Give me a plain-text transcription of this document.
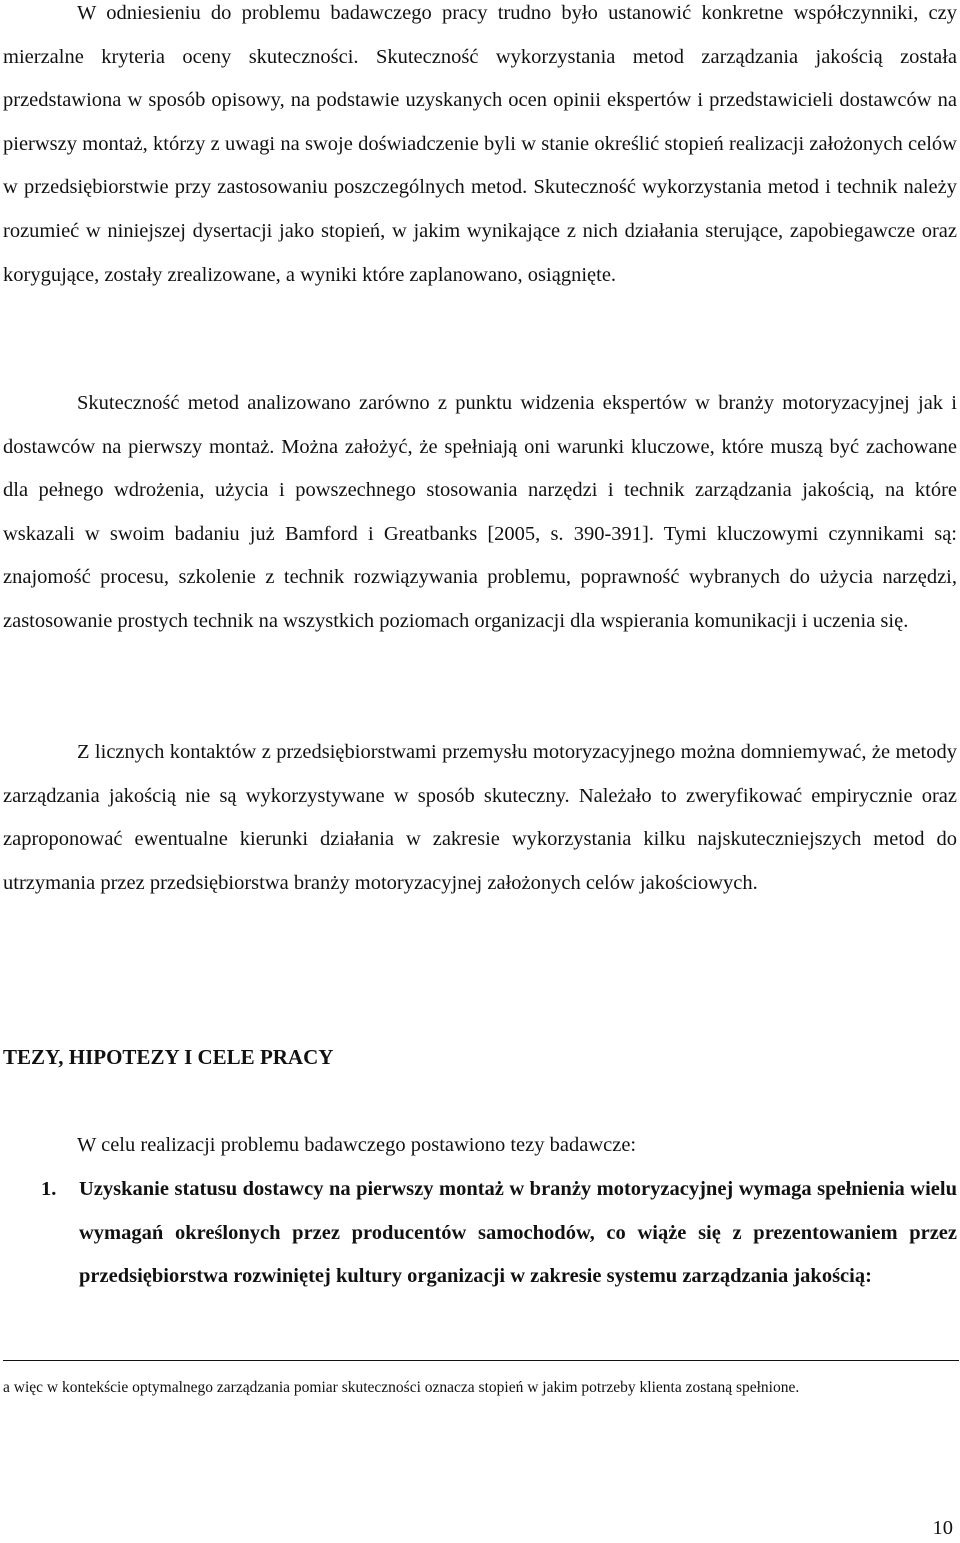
W odniesieniu do problemu badawczego pracy trudno było ustanowić konkretne współczynniki, czy mierzalne kryteria oceny skuteczności. Skuteczność wykorzystania metod zarządzania jakością została przedstawiona w sposób opisowy, na podstawie uzyskanych ocen opinii ekspertów i przedstawicieli dostawców na pierwszy montaż, którzy z uwagi na swoje doświadczenie byli w stanie określić stopień realizacji założonych celów w przedsiębiorstwie przy zastosowaniu poszczególnych metod. Skuteczność wykorzystania metod i technik należy rozumieć w niniejszej dysertacji jako stopień, w jakim wynikające z nich działania sterujące, zapobiegawcze oraz korygujące, zostały zrealizowane, a wyniki które zaplanowano, osiągnięte.

Skuteczność metod analizowano zarówno z punktu widzenia ekspertów w branży motoryzacyjnej jak i dostawców na pierwszy montaż. Można założyć, że spełniają oni warunki kluczowe, które muszą być zachowane dla pełnego wdrożenia, użycia i powszechnego stosowania narzędzi i technik zarządzania jakością, na które wskazali w swoim badaniu już Bamford i Greatbanks [2005, s. 390-391]. Tymi kluczowymi czynnikami są: znajomość procesu, szkolenie z technik rozwiązywania problemu, poprawność wybranych do użycia narzędzi, zastosowanie prostych technik na wszystkich poziomach organizacji dla wspierania komunikacji i uczenia się.

Z licznych kontaktów z przedsiębiorstwami przemysłu motoryzacyjnego można domniemywać, że metody zarządzania jakością nie są wykorzystywane w sposób skuteczny. Należało to zweryfikować empirycznie oraz zaproponować ewentualne kierunki działania w zakresie wykorzystania kilku najskuteczniejszych metod do utrzymania przez przedsiębiorstwa branży motoryzacyjnej założonych celów jakościowych.

TEZY, HIPOTEZY I CELE PRACY

W celu realizacji problemu badawczego postawiono tezy badawcze:

1. Uzyskanie statusu dostawcy na pierwszy montaż w branży motoryzacyjnej wymaga spełnienia wielu wymagań określonych przez producentów samochodów, co wiąże się z prezentowaniem przez przedsiębiorstwa rozwiniętej kultury organizacji w zakresie systemu zarządzania jakością:

a więc w kontekście optymalnego zarządzania pomiar skuteczności oznacza stopień w jakim potrzeby klienta zostaną spełnione.

10
